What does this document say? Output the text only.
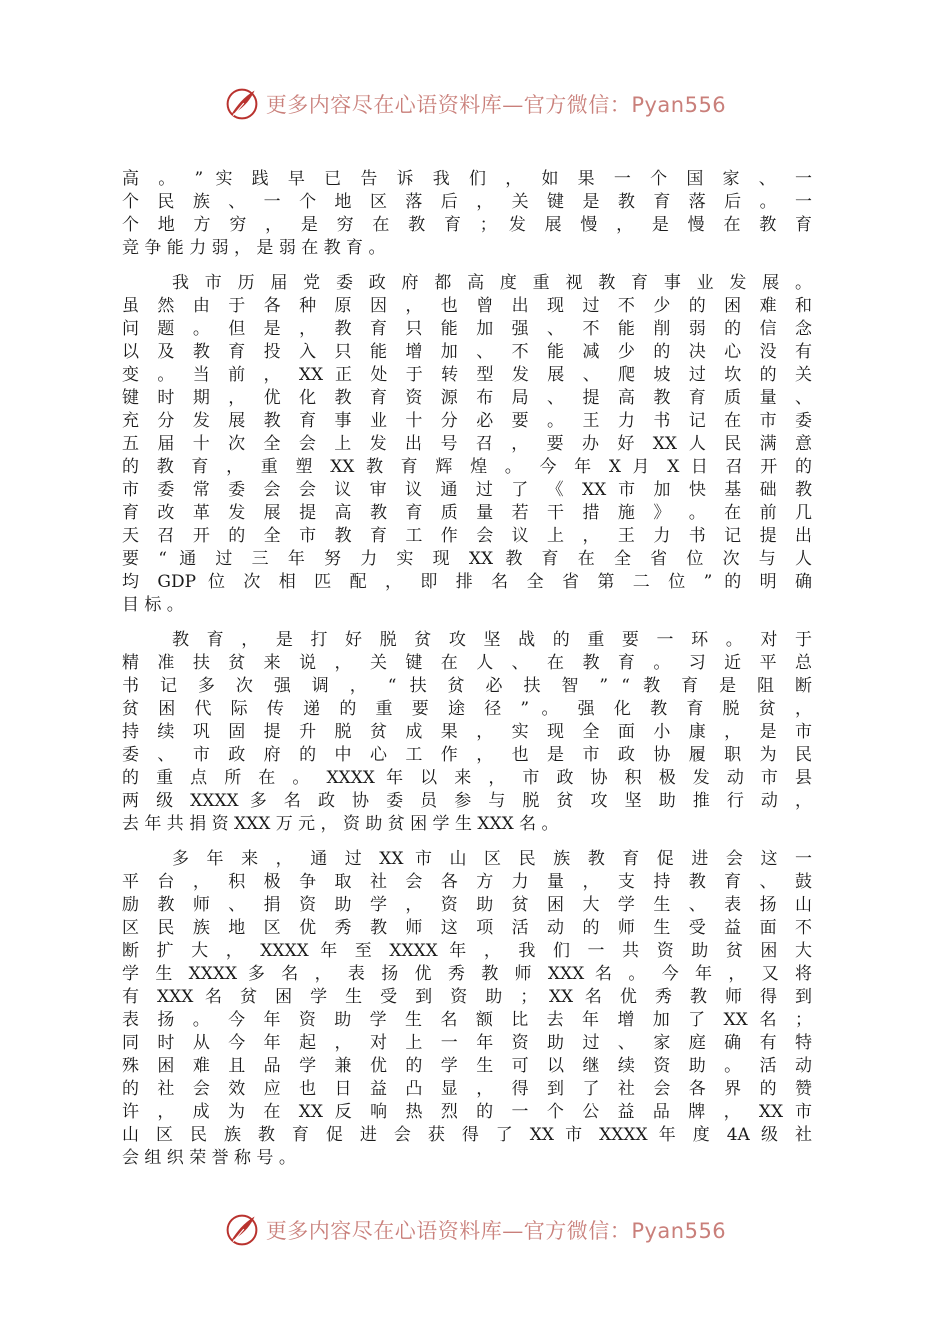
更多内容尽在心语资料库—官方微信：Pyan556
高 。 ” 实 践 早 已 告 诉 我 们 ， 如 果 一 个 国 家 、 一
个 民 族 、 一 个 地 区 落 后 ， 关 键 是 教 育 落 后 。 一
个 地 方 穷 ， 是 穷 在 教 育 ； 发 展 慢 ， 是 慢 在 教 育
竞 争 能 力 弱 ， 是 弱 在 教 育 。
我 市 历 届 党 委 政 府 都 高 度 重 视 教 育 事 业 发 展 。
虽 然 由 于 各 种 原 因 ， 也 曾 出 现 过 不 少 的 困 难 和
问 题 。 但 是 ， 教 育 只 能 加 强 、 不 能 削 弱 的 信 念
以 及 教 育 投 入 只 能 增 加 、 不 能 减 少 的 决 心 没 有
变 。 当 前 ， XX 正 处 于 转 型 发 展 、 爬 坡 过 坎 的 关
键 时 期 ， 优 化 教 育 资 源 布 局 、 提 高 教 育 质 量 、
充 分 发 展 教 育 事 业 十 分 必 要 。 王 力 书 记 在 市 委
五 届 十 次 全 会 上 发 出 号 召 ， 要 办 好 XX 人 民 满 意
的 教 育 ， 重 塑 XX 教 育 辉 煌 。 今 年 X 月 X 日 召 开 的
市 委 常 委 会 会 议 审 议 通 过 了 《 XX 市 加 快 基 础 教
育 改 革 发 展 提 高 教 育 质 量 若 干 措 施 》 。 在 前 几
天 召 开 的 全 市 教 育 工 作 会 议 上 ， 王 力 书 记 提 出
要 “ 通 过 三 年 努 力 实 现 XX 教 育 在 全 省 位 次 与 人
均 GDP 位 次 相 匹 配 ， 即 排 名 全 省 第 二 位 ” 的 明 确
目 标 。
教 育 ， 是 打 好 脱 贫 攻 坚 战 的 重 要 一 环 。 对 于
精 准 扶 贫 来 说 ， 关 键 在 人 、 在 教 育 。 习 近 平 总
书 记 多 次 强 调 ， “ 扶 贫 必 扶 智 ” “ 教 育 是 阻 断
贫 困 代 际 传 递 的 重 要 途 径 ” 。 强 化 教 育 脱 贫 ，
持 续 巩 固 提 升 脱 贫 成 果 ， 实 现 全 面 小 康 ， 是 市
委 、 市 政 府 的 中 心 工 作 ， 也 是 市 政 协 履 职 为 民
的 重 点 所 在 。 XXXX 年 以 来 ， 市 政 协 积 极 发 动 市 县
两 级 XXXX 多 名 政 协 委 员 参 与 脱 贫 攻 坚 助 推 行 动 ，
去 年 共 捐 资 XXX 万 元 ， 资 助 贫 困 学 生 XXX 名 。
多 年 来 ， 通 过 XX 市 山 区 民 族 教 育 促 进 会 这 一
平 台 ， 积 极 争 取 社 会 各 方 力 量 ， 支 持 教 育 、 鼓
励 教 师 、 捐 资 助 学 ， 资 助 贫 困 大 学 生 、 表 扬 山
区 民 族 地 区 优 秀 教 师 这 项 活 动 的 师 生 受 益 面 不
断 扩 大 ， XXXX 年 至 XXXX 年 ， 我 们 一 共 资 助 贫 困 大
学 生 XXXX 多 名 ， 表 扬 优 秀 教 师 XXX 名 。 今 年 ， 又 将
有 XXX 名 贫 困 学 生 受 到 资 助 ； XX 名 优 秀 教 师 得 到
表 扬 。 今 年 资 助 学 生 名 额 比 去 年 增 加 了 XX 名 ；
同 时 从 今 年 起 ， 对 上 一 年 资 助 过 、 家 庭 确 有 特
殊 困 难 且 品 学 兼 优 的 学 生 可 以 继 续 资 助 。 活 动
的 社 会 效 应 也 日 益 凸 显 ， 得 到 了 社 会 各 界 的 赞
许 ， 成 为 在 XX 反 响 热 烈 的 一 个 公 益 品 牌 ， XX 市
山 区 民 族 教 育 促 进 会 获 得 了 XX 市 XXXX 年 度 4A 级 社
会 组 织 荣 誉 称 号 。
更多内容尽在心语资料库—官方微信：Pyan556
